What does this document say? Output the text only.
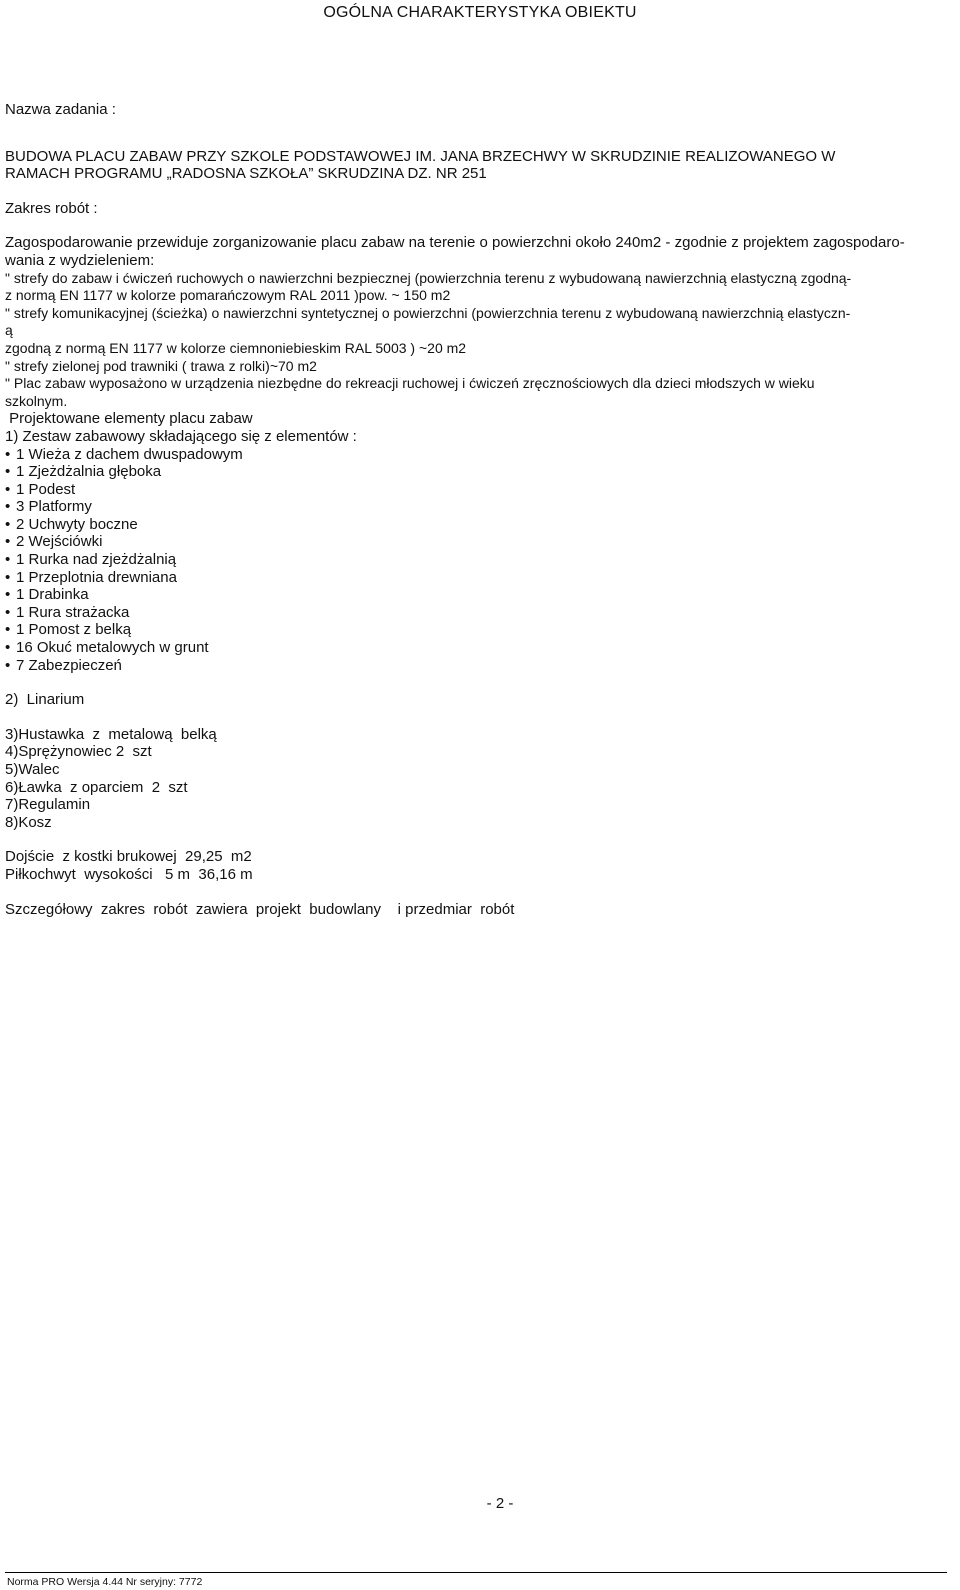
OGÓLNA CHARAKTERYSTYKA OBIEKTU

Nazwa zadania :

BUDOWA PLACU ZABAW PRZY SZKOLE PODSTAWOWEJ IM. JANA BRZECHWY W SKRUDZINIE REALIZOWANEGO W

RAMACH PROGRAMU „RADOSNA SZKOŁA” SKRUDZINA DZ. NR 251

Zakres robót :

Zagospodarowanie przewiduje zorganizowanie placu zabaw na terenie o powierzchni około 240m2 - zgodnie z projektem zagospodaro-

wania z wydzieleniem:

" strefy do zabaw i ćwiczeń ruchowych o nawierzchni bezpiecznej (powierzchnia terenu z wybudowaną nawierzchnią elastyczną zgodną-

z normą EN 1177 w kolorze pomarańczowym RAL 2011 )pow. ~ 150 m2

" strefy komunikacyjnej (ścieżka) o nawierzchni syntetycznej o powierzchni (powierzchnia terenu z wybudowaną nawierzchnią elastyczn-

ą

zgodną z normą EN 1177 w kolorze ciemnoniebieskim RAL 5003 ) ~20 m2

" strefy zielonej pod trawniki ( trawa z rolki)~70 m2

" Plac zabaw wyposażono w urządzenia niezbędne do rekreacji ruchowej i ćwiczeń zręcznościowych dla dzieci młodszych w wieku

szkolnym.

Projektowane elementy placu zabaw

1) Zestaw zabawowy składającego się z elementów :

• 1 Wieża z dachem dwuspadowym
• 1 Zjeżdżalnia głęboka
• 1 Podest
• 3 Platformy
• 2 Uchwyty boczne
• 2 Wejściówki
• 1 Rurka nad zjeżdżalnią
• 1 Przeplotnia drewniana
• 1 Drabinka
• 1 Rura strażacka
• 1 Pomost z belką
• 16 Okuć metalowych w grunt
• 7 Zabezpieczeń

2)  Linarium

3)Hustawka  z  metalową  belką

4)Sprężynowiec 2  szt

5)Walec

6)Ławka  z oparciem  2  szt

7)Regulamin

8)Kosz

Dojście  z kostki brukowej  29,25  m2

Piłkochwyt  wysokości   5 m  36,16 m

Szczegółowy  zakres  robót  zawiera  projekt  budowlany    i przedmiar  robót

- 2 -
Norma PRO Wersja 4.44 Nr seryjny: 7772
